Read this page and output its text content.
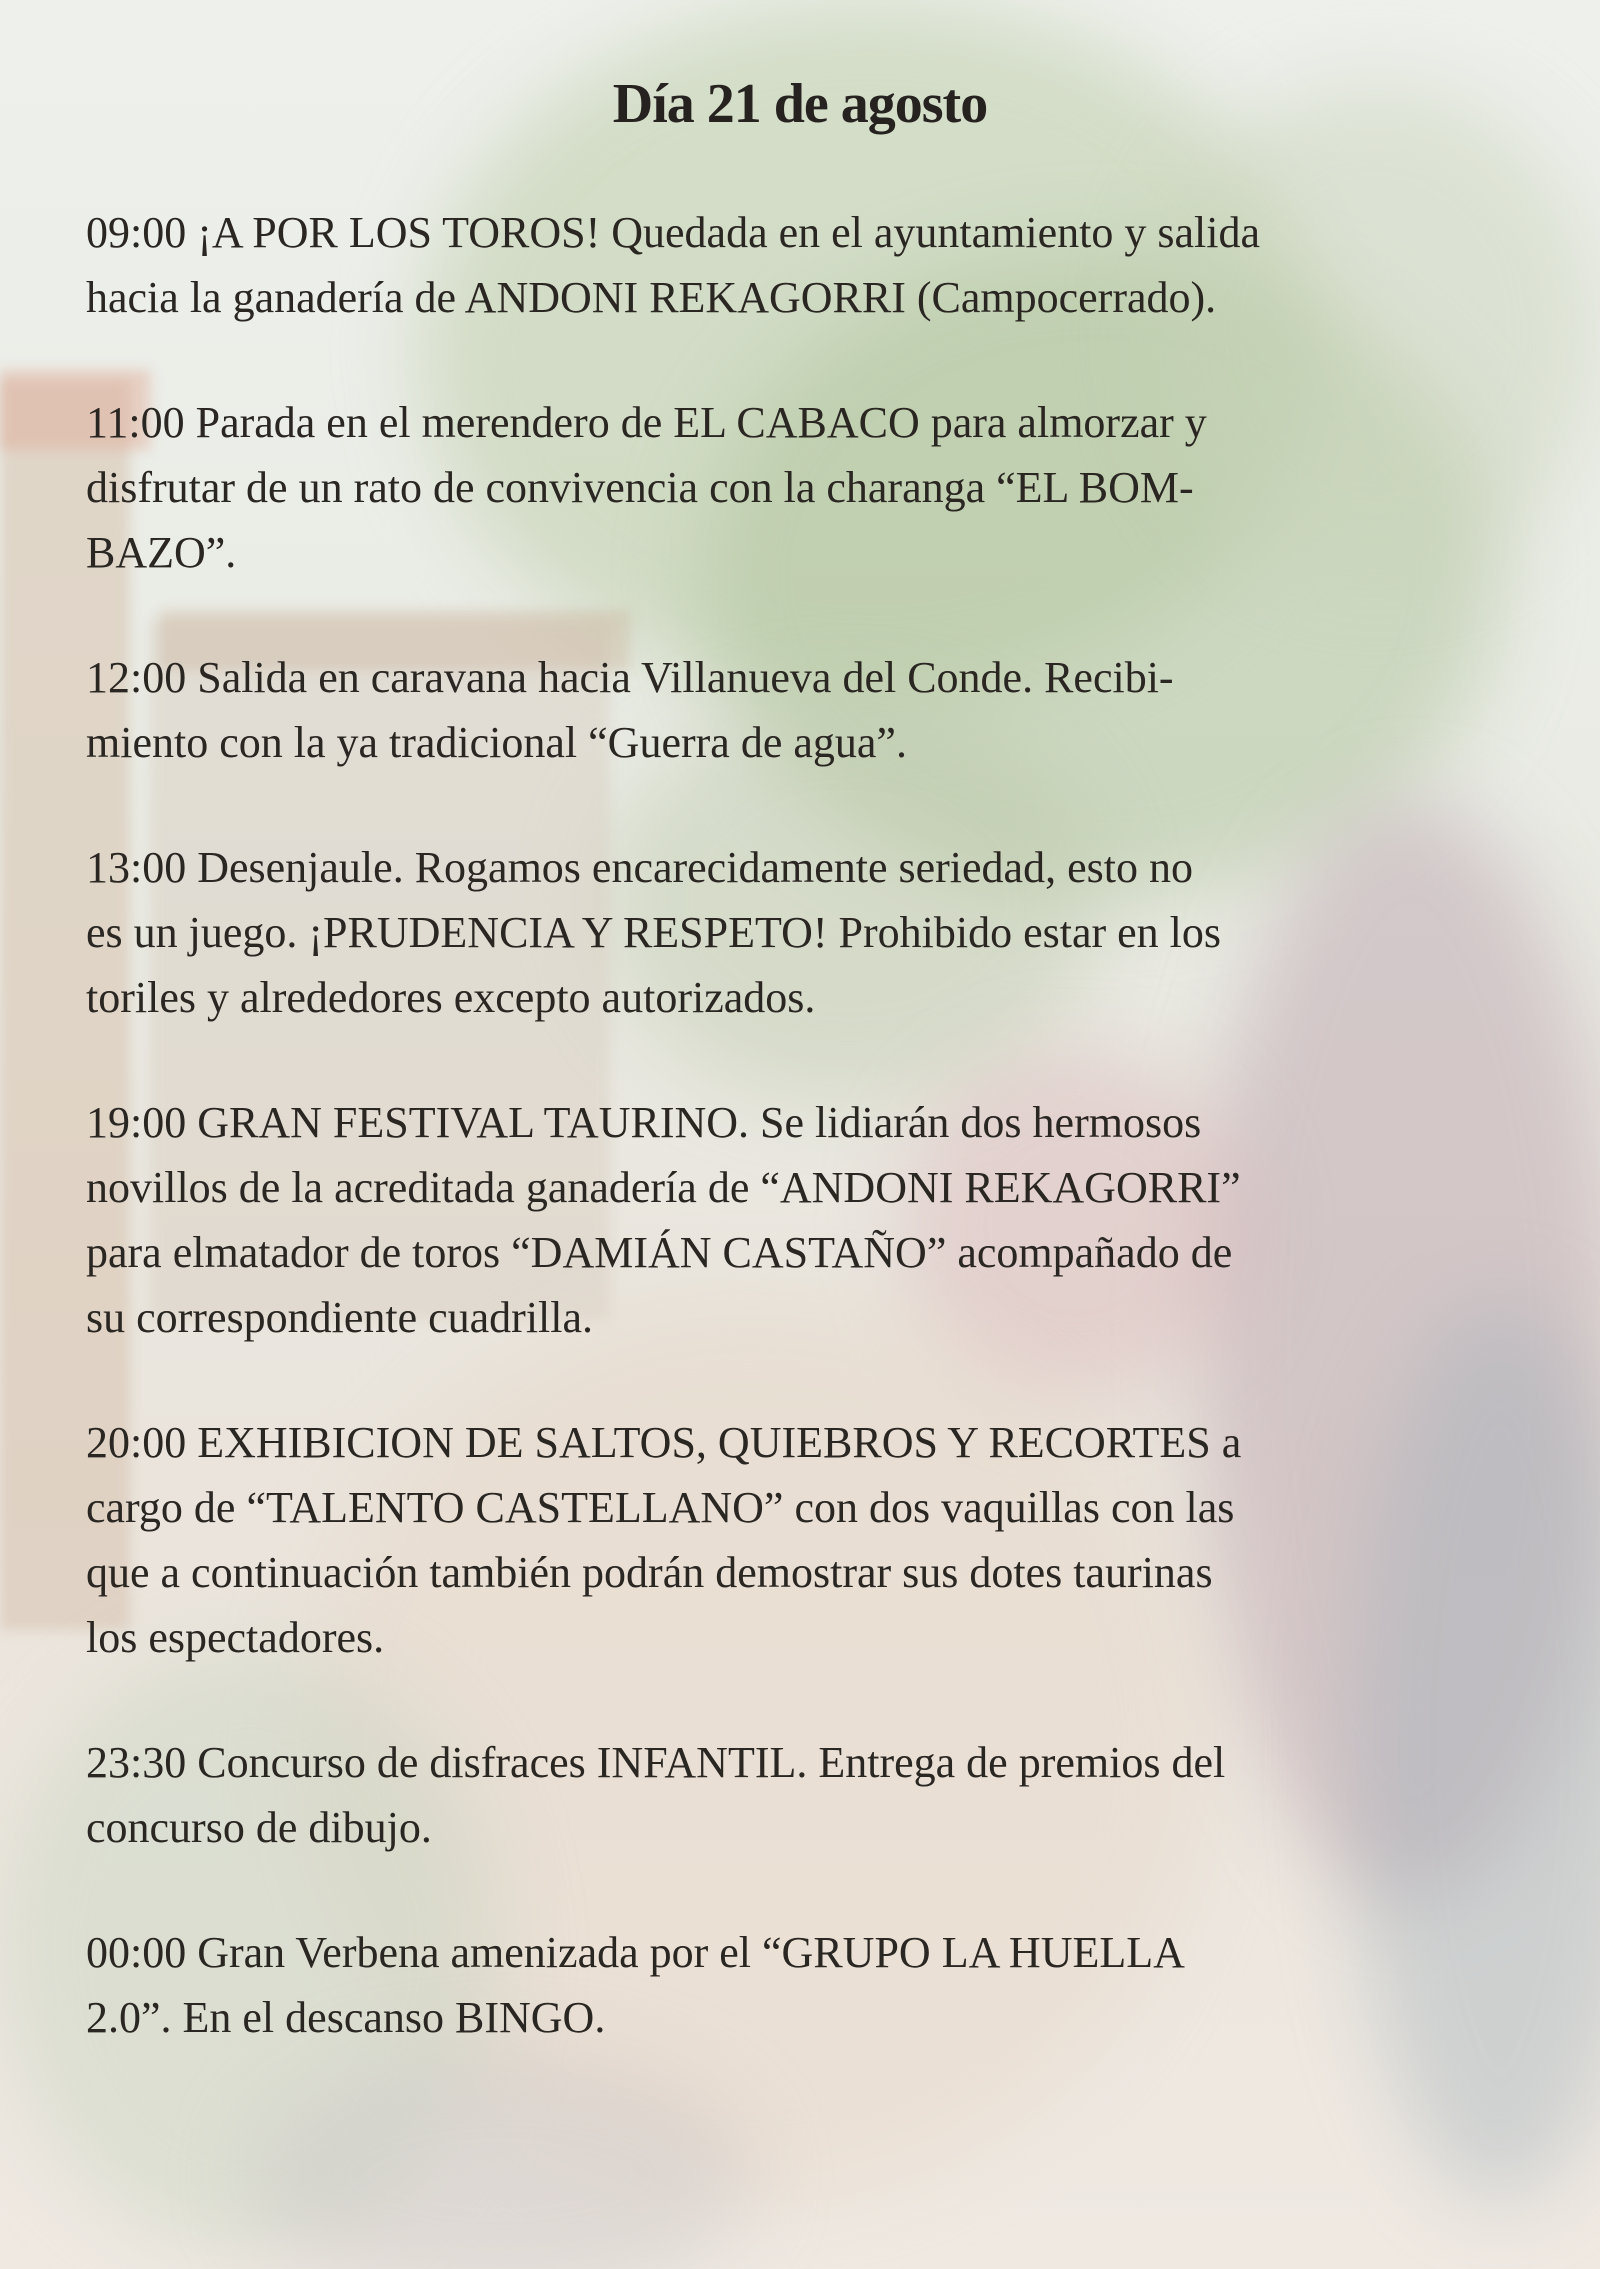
Día 21 de agosto

09:00 ¡A POR LOS TOROS! Quedada en el ayuntamiento y salida
hacia la ganadería de ANDONI REKAGORRI (Campocerrado).

11:00 Parada en el merendero de EL CABACO para almorzar y
disfrutar de un rato de convivencia con la charanga “EL BOM-
BAZO”.

12:00 Salida en caravana hacia Villanueva del Conde. Recibi-
miento con la ya tradicional “Guerra de agua”.

13:00 Desenjaule. Rogamos encarecidamente seriedad, esto no
es un juego. ¡PRUDENCIA Y RESPETO! Prohibido estar en los
toriles y alrededores excepto autorizados.

19:00 GRAN FESTIVAL TAURINO. Se lidiarán dos hermosos
novillos de la acreditada ganadería de “ANDONI REKAGORRI”
para elmatador de toros “DAMIÁN CASTAÑO” acompañado de
su correspondiente cuadrilla.

20:00 EXHIBICION DE SALTOS, QUIEBROS Y RECORTES a
cargo de “TALENTO CASTELLANO” con dos vaquillas con las
que a continuación también podrán demostrar sus dotes taurinas
los espectadores.

23:30 Concurso de disfraces INFANTIL. Entrega de premios del
concurso de dibujo.

00:00 Gran Verbena amenizada por el “GRUPO LA HUELLA
2.0”. En el descanso BINGO.
